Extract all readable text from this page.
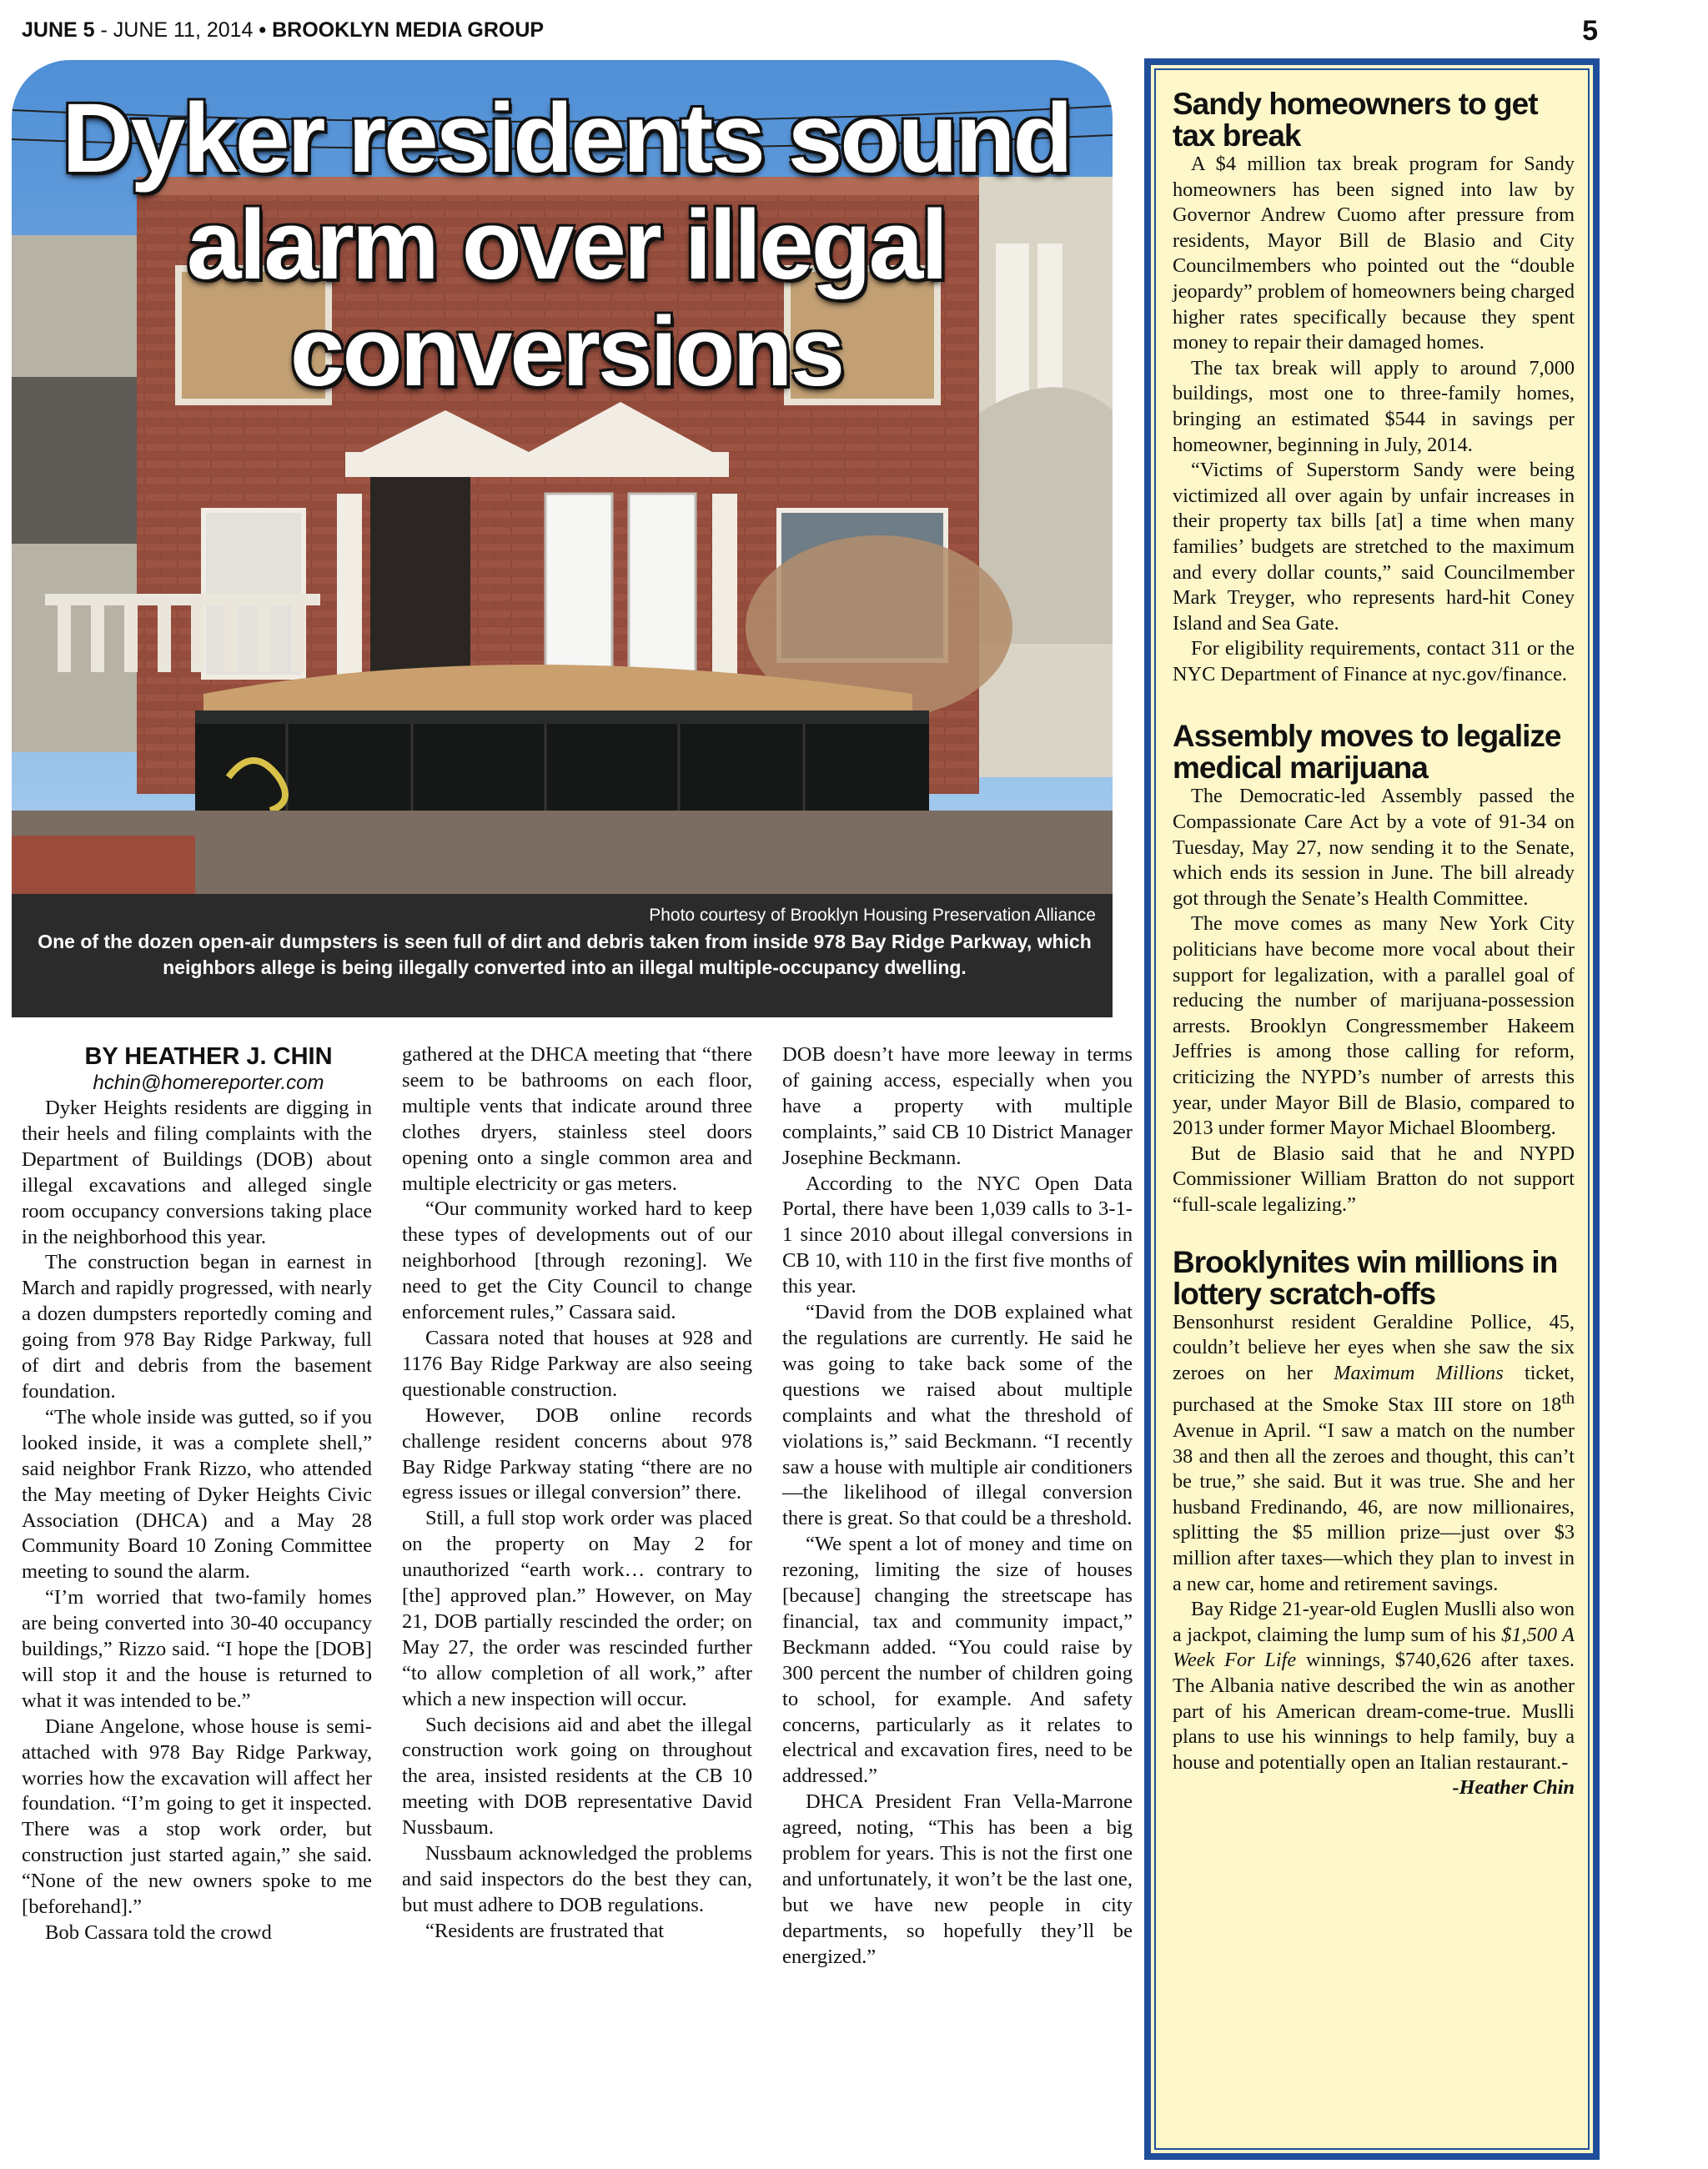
JUNE 5 - JUNE 11, 2014 • BROOKLYN MEDIA GROUP	5
Dyker residents sound
alarm over illegal
conversions
Photo courtesy of Brooklyn Housing Preservation Alliance
One of the dozen open-air dumpsters is seen full of dirt and debris taken from inside 978 Bay Ridge Parkway, which
neighbors allege is being illegally converted into an illegal multiple-occupancy dwelling.

BY HEATHER J. CHIN

hchin@homereporter.com

Dyker Heights residents are digging in their heels and filing complaints with the Department of Buildings (DOB) about illegal excavations and alleged single room occupancy conversions taking place in the neighborhood this year.

The construction began in earnest in March and rapidly progressed, with nearly a dozen dumpsters reportedly coming and going from 978 Bay Ridge Parkway, full of dirt and debris from the basement foundation.

“The whole inside was gutted, so if you looked inside, it was a complete shell,” said neighbor Frank Rizzo, who attended the May meeting of Dyker Heights Civic Association (DHCA) and a May 28 Community Board 10 Zoning Committee meeting to sound the alarm.

“I’m worried that two-family homes are being converted into 30-40 occupancy buildings,” Rizzo said. “I hope the [DOB] will stop it and the house is returned to what it was intended to be.”

Diane Angelone, whose house is semi-attached with 978 Bay Ridge Parkway, worries how the excavation will affect her foundation. “I’m going to get it inspected. There was a stop work order, but construction just started again,” she said. “None of the new owners spoke to me [beforehand].”

Bob Cassara told the crowd

gathered at the DHCA meeting that “there seem to be bathrooms on each floor, multiple vents that indicate around three clothes dryers, stainless steel doors opening onto a single common area and multiple electricity or gas meters.

“Our community worked hard to keep these types of developments out of our neighborhood [through rezoning]. We need to get the City Council to change enforcement rules,” Cassara said.

Cassara noted that houses at 928 and 1176 Bay Ridge Parkway are also seeing questionable construction.

However, DOB online records challenge resident concerns about 978 Bay Ridge Parkway stating “there are no egress issues or illegal conversion” there.

Still, a full stop work order was placed on the property on May 2 for unauthorized “earth work… contrary to [the] approved plan.” However, on May 21, DOB partially rescinded the order; on May 27, the order was rescinded further “to allow completion of all work,” after which a new inspection will occur.

Such decisions aid and abet the illegal construction work going on throughout the area, insisted residents at the CB 10 meeting with DOB representative David Nussbaum.

Nussbaum acknowledged the problems and said inspectors do the best they can, but must adhere to DOB regulations.

“Residents are frustrated that

DOB doesn’t have more leeway in terms of gaining access, especially when you have a property with multiple complaints,” said CB 10 District Manager Josephine Beckmann.

According to the NYC Open Data Portal, there have been 1,039 calls to 3-1-1 since 2010 about illegal conversions in CB 10, with 110 in the first five months of this year.

“David from the DOB explained what the regulations are currently. He said he was going to take back some of the questions we raised about multiple complaints and what the threshold of violations is,” said Beckmann. “I recently saw a house with multiple air conditioners—the likelihood of illegal conversion there is great. So that could be a threshold.

“We spent a lot of money and time on rezoning, limiting the size of houses [because] changing the streetscape has financial, tax and community impact,” Beckmann added. “You could raise by 300 percent the number of children going to school, for example. And safety concerns, particularly as it relates to electrical and excavation fires, need to be addressed.”

DHCA President Fran Vella-Marrone agreed, noting, “This has been a big problem for years. This is not the first one and unfortunately, it won’t be the last one, but we have new people in city departments, so hopefully they’ll be energized.”

Sandy homeowners to get tax break

A $4 million tax break program for Sandy homeowners has been signed into law by Governor Andrew Cuomo after pressure from residents, Mayor Bill de Blasio and City Councilmembers who pointed out the “double jeopardy” problem of homeowners being charged higher rates specifically because they spent money to repair their damaged homes.

The tax break will apply to around 7,000 buildings, most one to three-family homes, bringing an estimated $544 in savings per homeowner, beginning in July, 2014.

“Victims of Superstorm Sandy were being victimized all over again by unfair increases in their property tax bills [at] a time when many families’ budgets are stretched to the maximum and every dollar counts,” said Councilmember Mark Treyger, who represents hard-hit Coney Island and Sea Gate.

For eligibility requirements, contact 311 or the NYC Department of Finance at nyc.gov/finance.

Assembly moves to legalize medical marijuana

The Democratic-led Assembly passed the Compassionate Care Act by a vote of 91-34 on Tuesday, May 27, now sending it to the Senate, which ends its session in June. The bill already got through the Senate’s Health Committee.

The move comes as many New York City politicians have become more vocal about their support for legalization, with a parallel goal of reducing the number of marijuana-possession arrests. Brooklyn Congressmember Hakeem Jeffries is among those calling for reform, criticizing the NYPD’s number of arrests this year, under Mayor Bill de Blasio, compared to 2013 under former Mayor Michael Bloomberg.

But de Blasio said that he and NYPD Commissioner William Bratton do not support “full-scale legalizing.”

Brooklynites win millions in lottery scratch-offs

Bensonhurst resident Geraldine Pollice, 45, couldn’t believe her eyes when she saw the six zeroes on her Maximum Millions ticket, purchased at the Smoke Stax III store on 18th Avenue in April. “I saw a match on the number 38 and then all the zeroes and thought, this can’t be true,” she said. But it was true. She and her husband Fredinando, 46, are now millionaires, splitting the $5 million prize—just over $3 million after taxes—which they plan to invest in a new car, home and retirement savings.

Bay Ridge 21-year-old Euglen Muslli also won a jackpot, claiming the lump sum of his $1,500 A Week For Life winnings, $740,626 after taxes. The Albania native described the win as another part of his American dream-come-true. Muslli plans to use his winnings to help family, buy a house and potentially open an Italian restaurant.-

-Heather Chin
